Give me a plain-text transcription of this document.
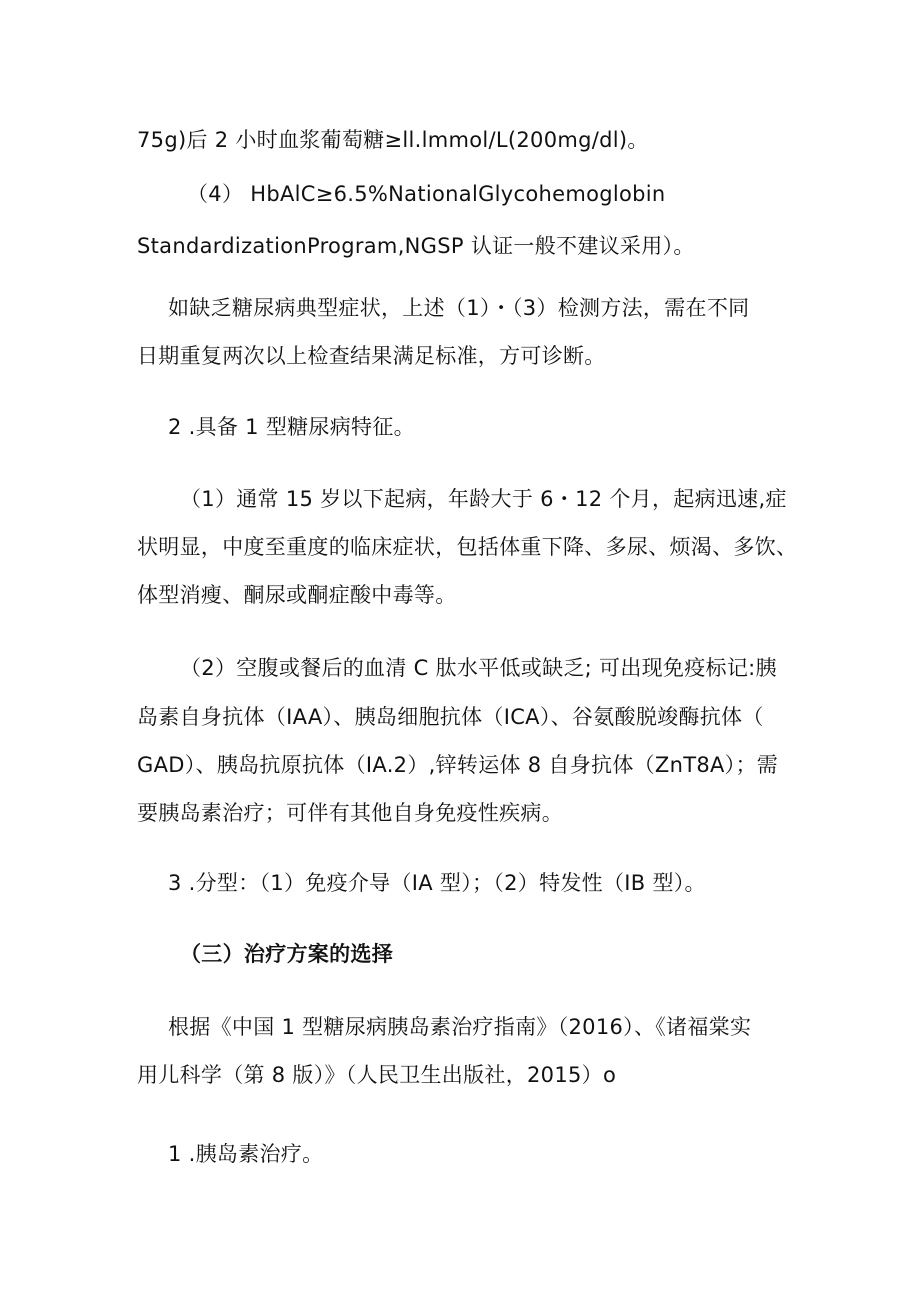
75g)后 2 小时血浆葡萄糖≥ll.lmmol/L(200mg/dl)。
（4） HbAlC≥6.5%NationalGlycohemoglobin
StandardizationProgram,NGSP 认证一般不建议采用）。
如缺乏糖尿病典型症状，上述（1）・（3）检测方法，需在不同
日期重复两次以上检查结果满足标准，方可诊断。
2 .具备 1 型糖尿病特征。
（1）通常 15 岁以下起病，年龄大于 6・12 个月，起病迅速,症
状明显，中度至重度的临床症状，包括体重下降、多尿、烦渴、多饮、
体型消瘦、酮尿或酮症酸中毒等。
（2）空腹或餐后的血清 C 肽水平低或缺乏; 可出现免疫标记:胰
岛素自身抗体（IAA）、胰岛细胞抗体（ICA）、谷氨酸脱竣酶抗体（
GAD）、胰岛抗原抗体（IA.2）,锌转运体 8 自身抗体（ZnT8A）；需
要胰岛素治疗；可伴有其他自身免疫性疾病。
3 .分型：（1）免疫介导（IA 型）；（2）特发性（IB 型）。
（三）治疗方案的选择
根据《中国 1 型糖尿病胰岛素治疗指南》（2016）、《诸福棠实
用儿科学（第 8 版）》（人民卫生出版社，2015）o
1 .胰岛素治疗。
